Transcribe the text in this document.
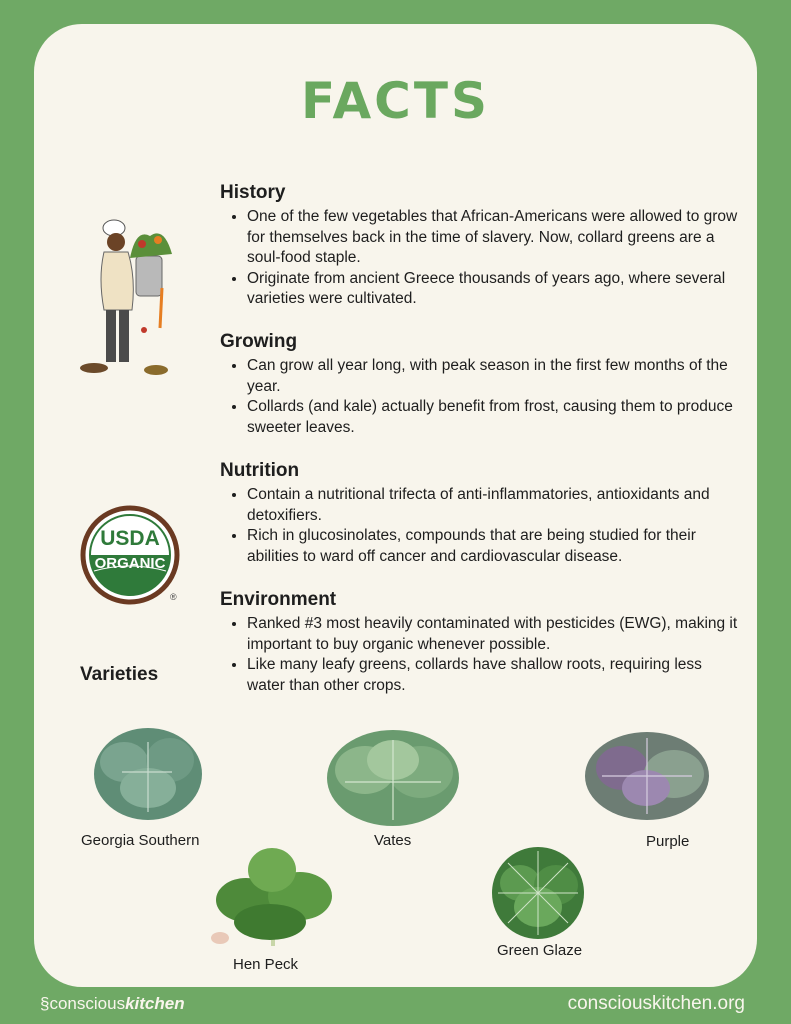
FACTS
USDA
ORGANIC
®
History
• One of the few vegetables that African-Americans were allowed to grow for themselves back in the time of slavery. Now, collard greens are a soul-food staple.
• Originate from ancient Greece thousands of years ago, where several varieties were cultivated.
Growing
• Can grow all year long, with peak season in the first few months of the year.
• Collards (and kale) actually benefit from frost, causing them to produce sweeter leaves.
Nutrition
• Contain a nutritional trifecta of anti-inflammatories, antioxidants and detoxifiers.
• Rich in glucosinolates, compounds that are being studied for their abilities to ward off cancer and cardiovascular disease.
Environment
• Ranked #3 most heavily contaminated with pesticides (EWG), making it important to buy organic whenever possible.
• Like many leafy greens, collards have shallow roots, requiring less water than other crops.
Varieties
Georgia Southern	Vates	Purple
Hen Peck
Green Glaze
§consciouskitchen	consciouskitchen.org
